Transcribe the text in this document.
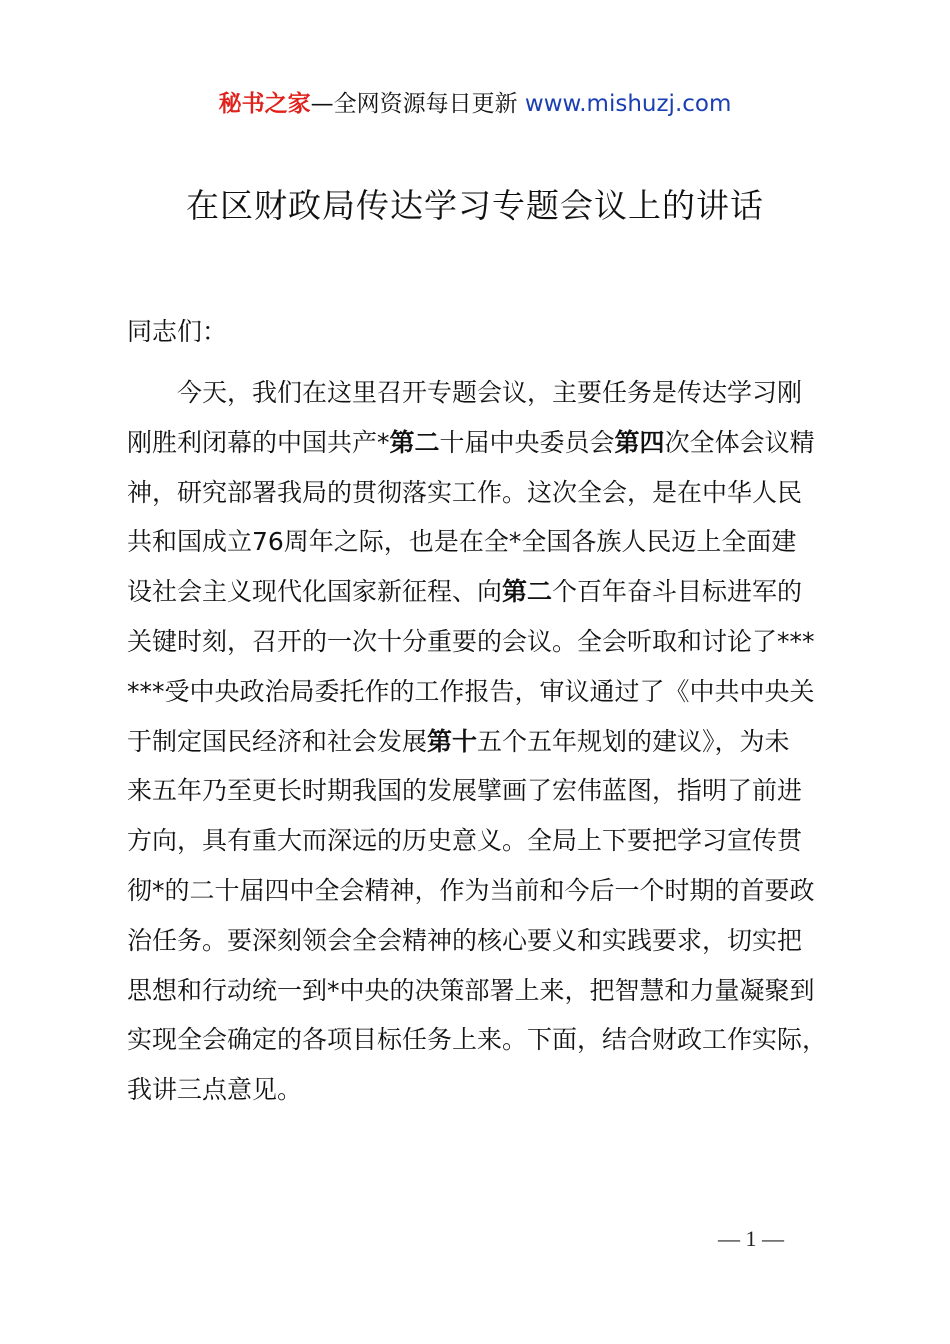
秘书之家—全网资源每日更新 www.mishuzj.com
在区财政局传达学习专题会议上的讲话

同志们：

今天，我们在这里召开专题会议，主要任务是传达学习刚
刚胜利闭幕的中国共产*第二十届中央委员会第四次全体会议精
神，研究部署我局的贯彻落实工作。这次全会，是在中华人民
共和国成立76周年之际，也是在全*全国各族人民迈上全面建
设社会主义现代化国家新征程、向第二个百年奋斗目标进军的
关键时刻，召开的一次十分重要的会议。全会听取和讨论了***
***受中央政治局委托作的工作报告，审议通过了《中共中央关
于制定国民经济和社会发展第十五个五年规划的建议》，为未
来五年乃至更长时期我国的发展擘画了宏伟蓝图，指明了前进
方向，具有重大而深远的历史意义。全局上下要把学习宣传贯
彻*的二十届四中全会精神，作为当前和今后一个时期的首要政
治任务。要深刻领会全会精神的核心要义和实践要求，切实把
思想和行动统一到*中央的决策部署上来，把智慧和力量凝聚到
实现全会确定的各项目标任务上来。下面，结合财政工作实际，
我讲三点意见。
— 1 —
